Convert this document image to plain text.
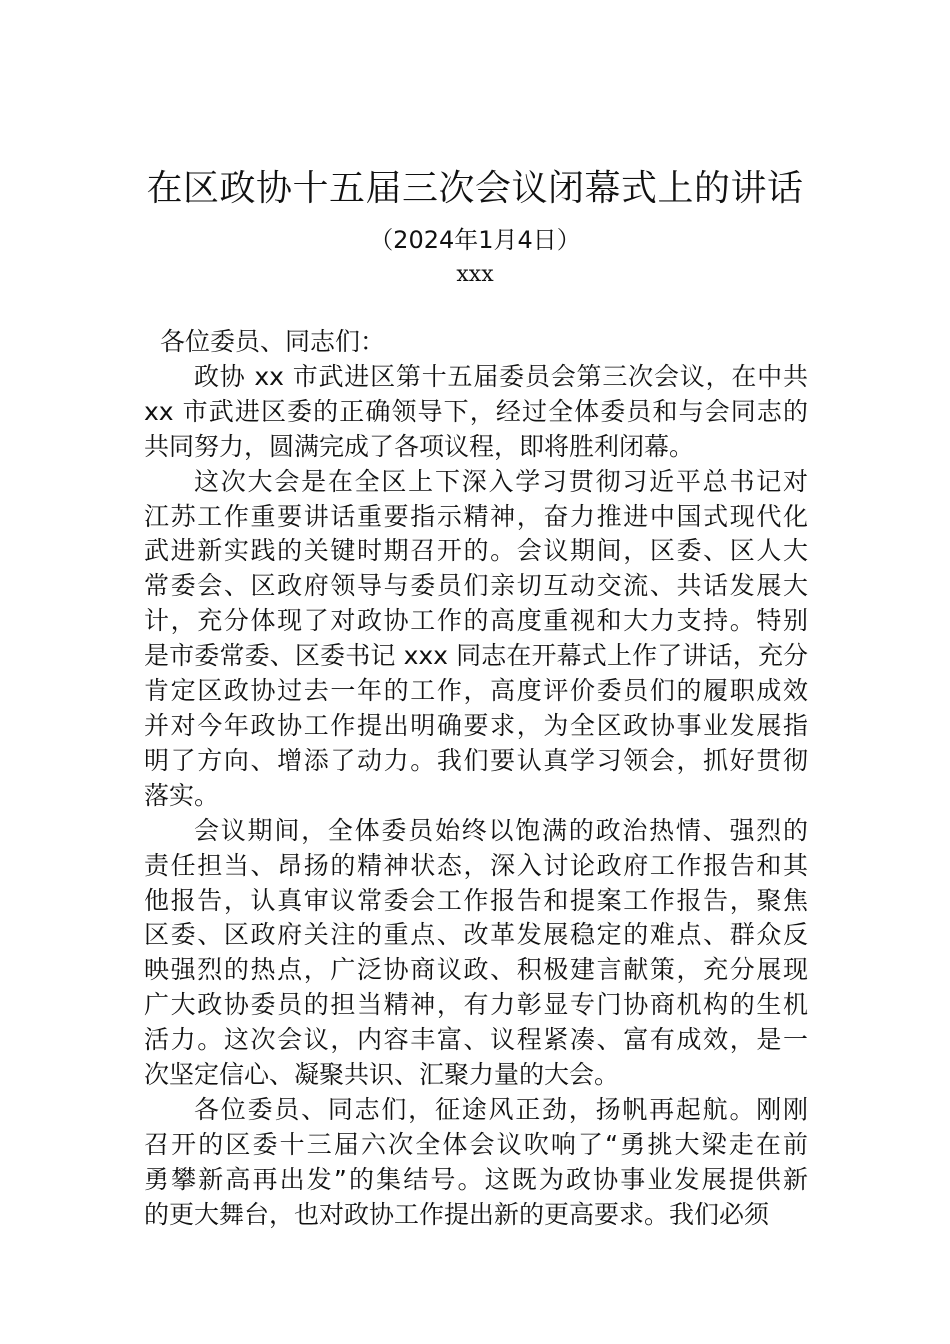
在区政协十五届三次会议闭幕式上的讲话
（2024年1月4日）
xxx

各位委员、同志们：

政协 xx 市武进区第十五届委员会第三次会议，在中共
xx 市武进区委的正确领导下，经过全体委员和与会同志的
共同努力，圆满完成了各项议程，即将胜利闭幕。
这次大会是在全区上下深入学习贯彻习近平总书记对
江苏工作重要讲话重要指示精神，奋力推进中国式现代化
武进新实践的关键时期召开的。会议期间，区委、区人大
常委会、区政府领导与委员们亲切互动交流、共话发展大
计，充分体现了对政协工作的高度重视和大力支持。特别
是市委常委、区委书记 xxx 同志在开幕式上作了讲话，充分
肯定区政协过去一年的工作，高度评价委员们的履职成效
并对今年政协工作提出明确要求，为全区政协事业发展指
明了方向、增添了动力。我们要认真学习领会，抓好贯彻
落实。
会议期间，全体委员始终以饱满的政治热情、强烈的
责任担当、昂扬的精神状态，深入讨论政府工作报告和其
他报告，认真审议常委会工作报告和提案工作报告，聚焦
区委、区政府关注的重点、改革发展稳定的难点、群众反
映强烈的热点，广泛协商议政、积极建言献策，充分展现
广大政协委员的担当精神，有力彰显专门协商机构的生机
活力。这次会议，内容丰富、议程紧凑、富有成效，是一
次坚定信心、凝聚共识、汇聚力量的大会。
各位委员、同志们，征途风正劲，扬帆再起航。刚刚
召开的区委十三届六次全体会议吹响了“勇挑大梁走在前
勇攀新高再出发”的集结号。这既为政协事业发展提供新
的更大舞台，也对政协工作提出新的更高要求。我们必须
